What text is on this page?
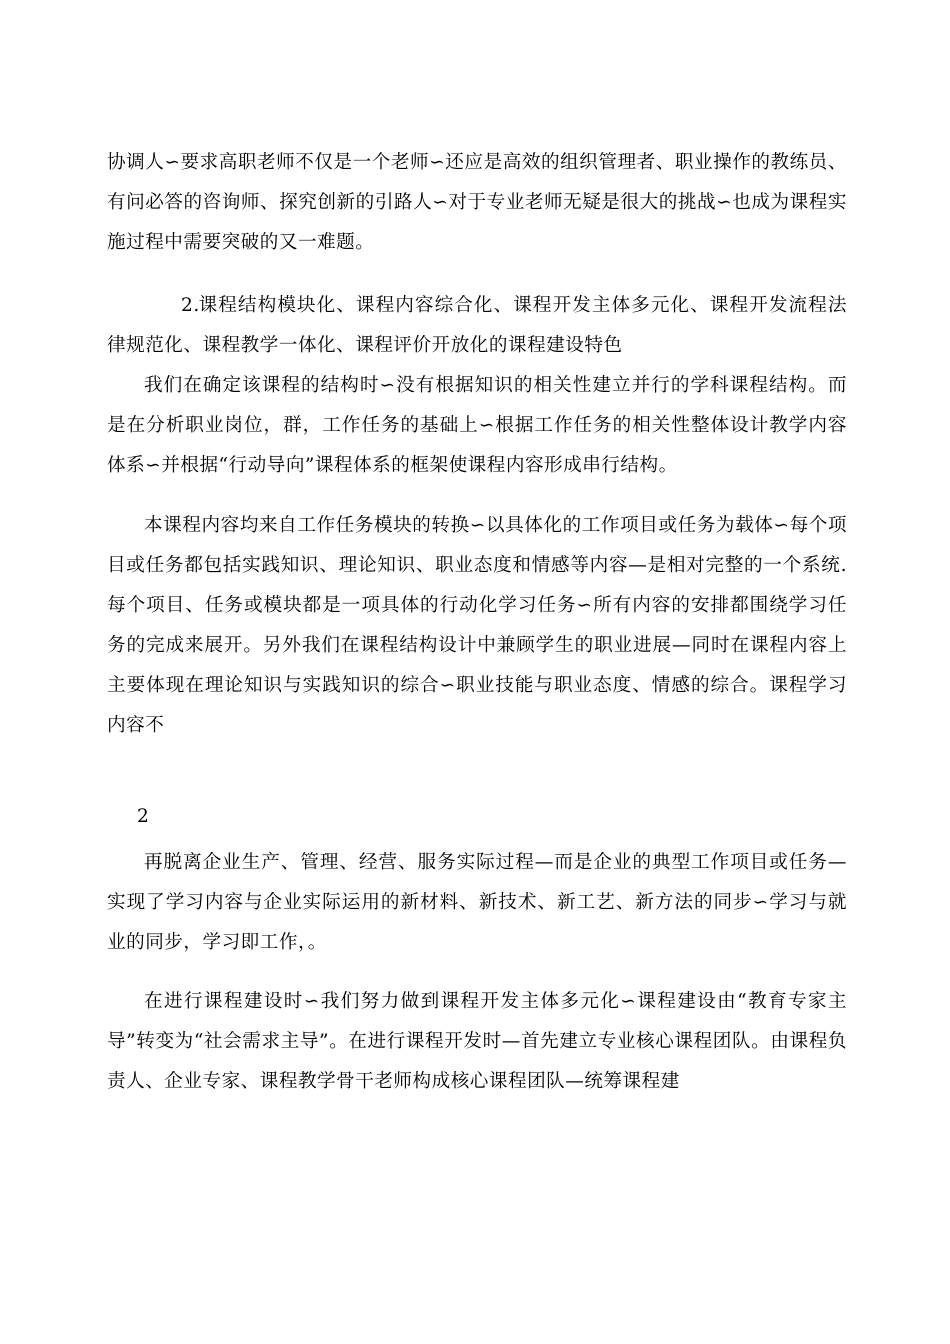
协调人∽要求高职老师不仅是一个老师∽还应是高效的组织管理者、职业操作的教练员、有问必答的咨询师、探究创新的引路人∽对于专业老师无疑是很大的挑战∽也成为课程实施过程中需要突破的又一难题。

2.课程结构模块化、课程内容综合化、课程开发主体多元化、课程开发流程法律规范化、课程教学一体化、课程评价开放化的课程建设特色

我们在确定该课程的结构时∽没有根据知识的相关性建立并行的学科课程结构。而是在分析职业岗位，群，工作任务的基础上∽根据工作任务的相关性整体设计教学内容体系∽并根据“行动导向”课程体系的框架使课程内容形成串行结构。

本课程内容均来自工作任务模块的转换∽以具体化的工作项目或任务为载体∽每个项目或任务都包括实践知识、理论知识、职业态度和情感等内容—是相对完整的一个系统.每个项目、任务或模块都是一项具体的行动化学习任务∽所有内容的安排都围绕学习任务的完成来展开。另外我们在课程结构设计中兼顾学生的职业进展—同时在课程内容上主要体现在理论知识与实践知识的综合∽职业技能与职业态度、情感的综合。课程学习内容不

2

再脱离企业生产、管理、经营、服务实际过程—而是企业的典型工作项目或任务—实现了学习内容与企业实际运用的新材料、新技术、新工艺、新方法的同步∽学习与就业的同步，学习即工作，。

在进行课程建设时∽我们努力做到课程开发主体多元化∽课程建设由“教育专家主导”转变为“社会需求主导”。在进行课程开发时—首先建立专业核心课程团队。由课程负责人、企业专家、课程教学骨干老师构成核心课程团队—统筹课程建
